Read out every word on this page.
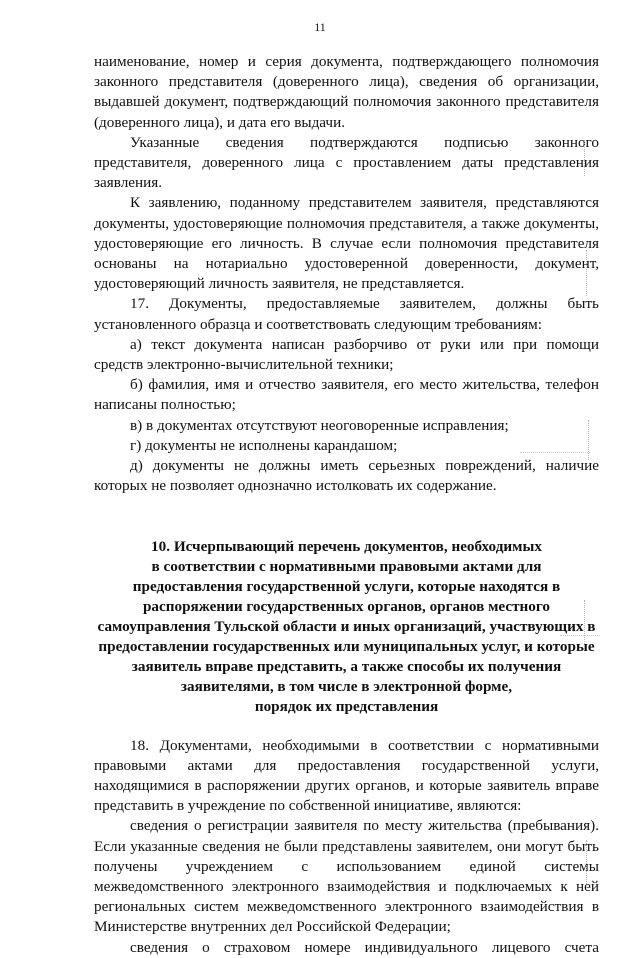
11
наименование, номер и серия документа, подтверждающего полномочия
законного представителя (доверенного лица), сведения об организации,
выдавшей документ, подтверждающий полномочия законного представителя
(доверенного лица), и дата его выдачи.
Указанные сведения подтверждаются подписью законного
представителя, доверенного лица с проставлением даты представления
заявления.
К заявлению, поданному представителем заявителя, представляются
документы, удостоверяющие полномочия представителя, а также документы,
удостоверяющие его личность. В случае если полномочия представителя
основаны на нотариально удостоверенной доверенности, документ,
удостоверяющий личность заявителя, не представляется.
17. Документы, предоставляемые заявителем, должны быть
установленного образца и соответствовать следующим требованиям:
а) текст документа написан разборчиво от руки или при помощи
средств электронно-вычислительной техники;
б) фамилия, имя и отчество заявителя, его место жительства, телефон
написаны полностью;
в) в документах отсутствуют неоговоренные исправления;
г) документы не исполнены карандашом;
д) документы не должны иметь серьезных повреждений, наличие
которых не позволяет однозначно истолковать их содержание.
10. Исчерпывающий перечень документов, необходимых
в соответствии с нормативными правовыми актами для
предоставления государственной услуги, которые находятся в
распоряжении государственных органов, органов местного
самоуправления Тульской области и иных организаций, участвующих в
предоставлении государственных или муниципальных услуг, и которые
заявитель вправе представить, а также способы их получения
заявителями, в том числе в электронной форме,
порядок их представления
18. Документами, необходимыми в соответствии с нормативными
правовыми актами для предоставления государственной услуги,
находящимися в распоряжении других органов, и которые заявитель вправе
представить в учреждение по собственной инициативе, являются:
сведения о регистрации заявителя по месту жительства (пребывания).
Если указанные сведения не были представлены заявителем, они могут быть
получены учреждением с использованием единой системы
межведомственного электронного взаимодействия и подключаемых к ней
региональных систем межведомственного электронного взаимодействия в
Министерстве внутренних дел Российской Федерации;
сведения о страховом номере индивидуального лицевого счета
